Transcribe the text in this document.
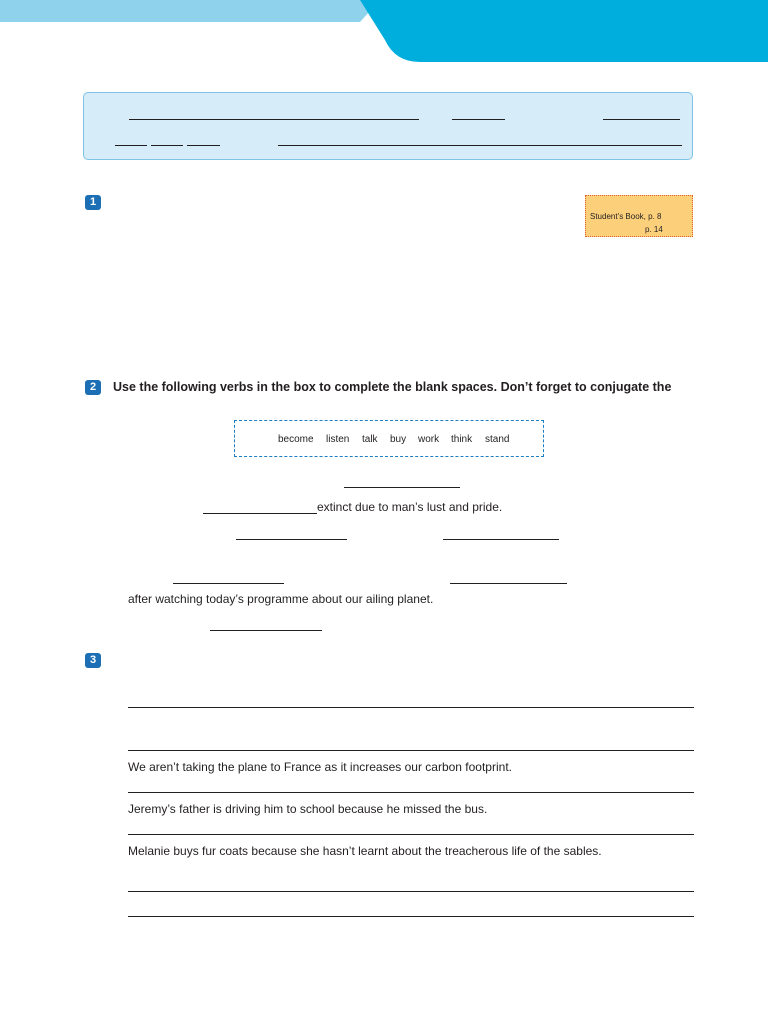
1
Student’s Book, p. 8
p. 14
2	Use the following verbs in the box to complete the blank spaces. Don’t forget to conjugate the
become listen talk buy work think stand
extinct due to man’s lust and pride.
after watching today’s programme about our ailing planet.
3
We aren’t taking the plane to France as it increases our carbon footprint.
Jeremy’s father is driving him to school because he missed the bus.
Melanie buys fur coats because she hasn’t learnt about the treacherous life of the sables.
